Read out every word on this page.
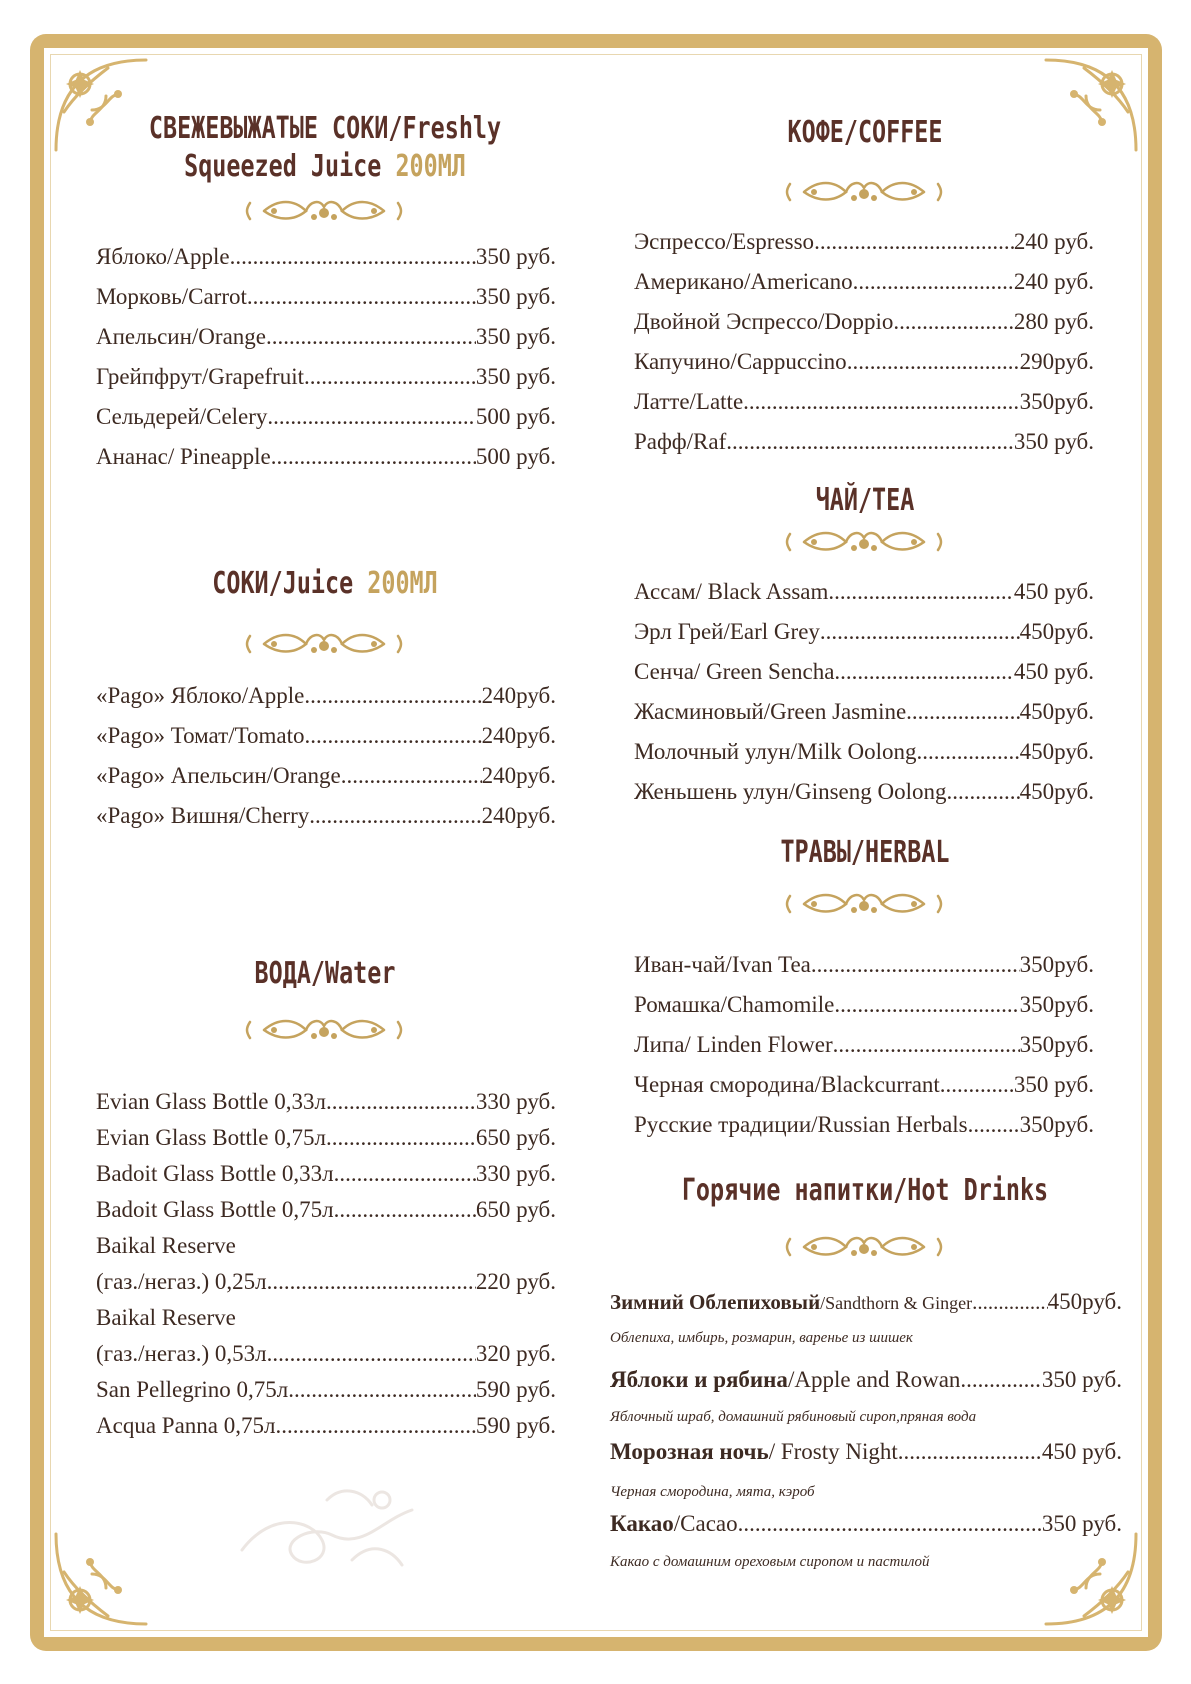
СВЕЖЕВЫЖАТЫЕ СОКИ/Freshly
Squeezed Juice 200МЛ
Яблоко/Apple .....	350 руб.
Морковь/Carrot .....	350 руб.
Апельсин/Orange .....	350 руб.
Грейпфрут/Grapefruit .....	350 руб.
Сельдерей/Celery .....	500 руб.
Ананас/ Pineapple .....	500 руб.
СОКИ/Juice 200МЛ
«Pago» Яблоко/Apple .....	240руб.
«Pago» Томат/Tomato .....	240руб.
«Pago» Апельсин/Orange .....	240руб.
«Pago» Вишня/Cherry .....	240руб.
ВОДА/Water
Evian Glass Bottle 0,33л .....	330 руб.
Evian Glass Bottle 0,75л .....	650 руб.
Badoit Glass Bottle 0,33л .....	330 руб.
Badoit Glass Bottle 0,75л .....	650 руб.
Baikal Reserve
(газ./негаз.) 0,25л .....	220 руб.
Baikal Reserve
(газ./негаз.) 0,53л .....	320 руб.
San Pellegrino 0,75л .....	590 руб.
Acqua Panna 0,75л .....	590 руб.
КОФЕ/COFFEE
Эспрессо/Espresso .....	240 руб.
Американо/Americano .....	240 руб.
Двойной Эспрессо/Doppio .....	280 руб.
Капучино/Cappuccino .....	290руб.
Латте/Latte .....	350руб.
Рафф/Raf .....	350 руб.
ЧАЙ/TEA
Ассам/ Black Assam .....	450 руб.
Эрл Грей/Earl Grey .....	450руб.
Сенча/ Green Sencha .....	450 руб.
Жасминовый/Green Jasmine .....	450руб.
Молочный улун/Milk Oolong .....	450руб.
Женьшень улун/Ginseng Oolong .....	450руб.
ТРАВЫ/HERBAL
Иван-чай/Ivan Tea .....	350руб.
Ромашка/Chamomile .....	350руб.
Липа/ Linden Flower .....	350руб.
Черная смородина/Blackcurrant .....	350 руб.
Русские традиции/Russian Herbals ..... 350руб.
Горячие напитки/Hot Drinks
Зимний Облепиховый/Sandthorn & Ginger .....	450руб.
Облепиха, имбирь, розмарин, варенье из шишек
Яблоки и рябина/Apple and Rowan .....	350 руб.
Яблочный шраб, домашний рябиновый сироп,пряная вода
Морозная ночь/ Frosty Night .....	450 руб.
Черная смородина, мята, кэроб
Какао/Cacao .....	350 руб.
Какао с домашним ореховым сиропом и пастилой
